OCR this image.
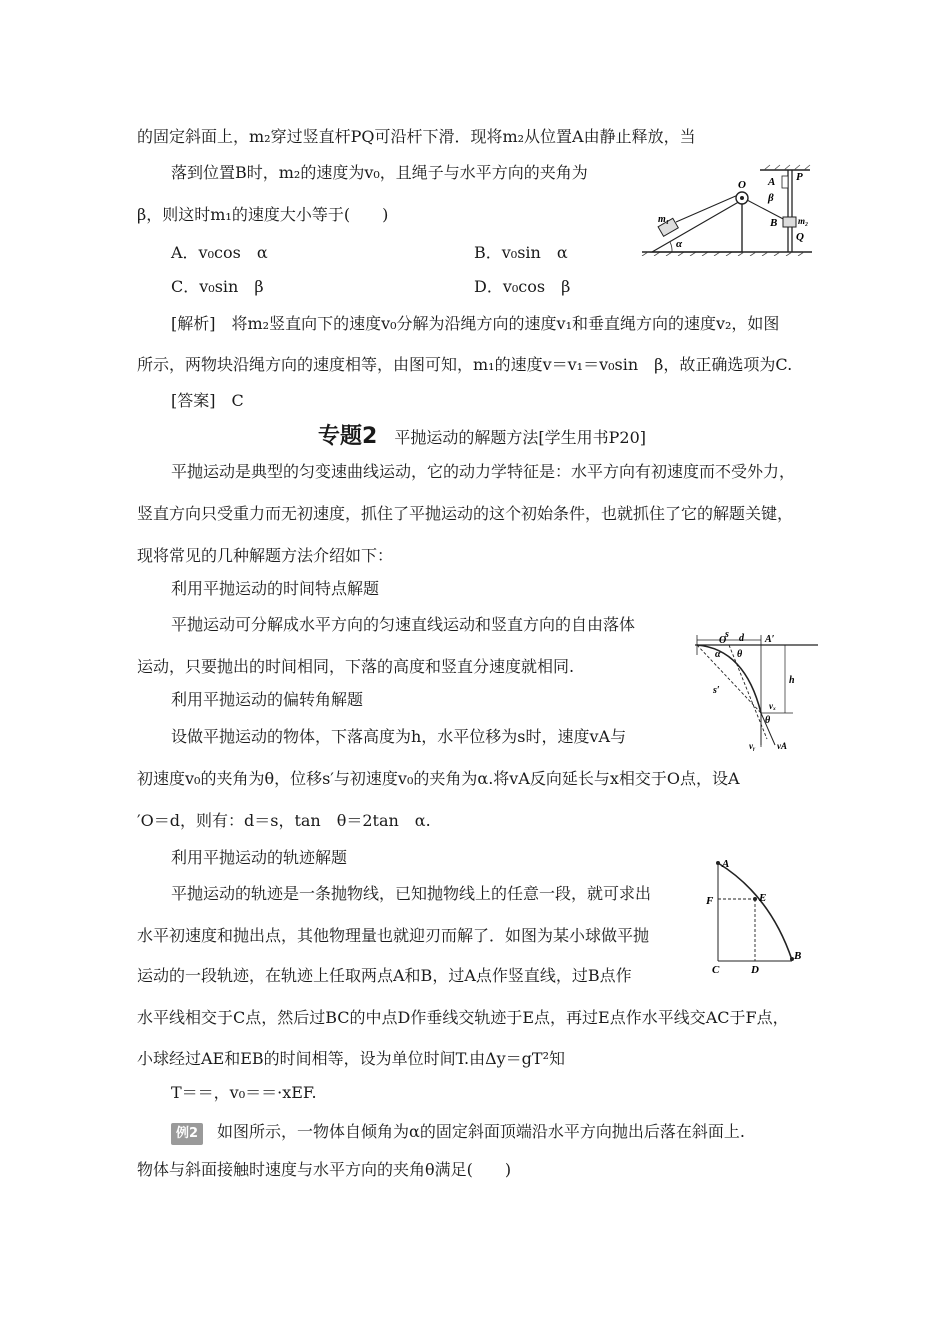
的固定斜面上，m₂穿过竖直杆PQ可沿杆下滑．现将m₂从位置A由静止释放，当
落到位置B时，m₂的速度为v₀，且绳子与水平方向的夹角为
β，则这时m₁的速度大小等于(　　)
A．v₀cos　α	B．v₀sin　α
C．v₀sin　β	D．v₀cos　β
[解析]　将m₂竖直向下的速度v₀分解为沿绳方向的速度v₁和垂直绳方向的速度v₂，如图
所示，两物块沿绳方向的速度相等，由图可知，m₁的速度v＝v₁＝v₀sin　β，故正确选项为C.
[答案]　C
O A
β
B
P
Q
m₂
m₁
α
专题2 平抛运动的解题方法[学生用书P20]
平抛运动是典型的匀变速曲线运动，它的动力学特征是：水平方向有初速度而不受外力，
竖直方向只受重力而无初速度，抓住了平抛运动的这个初始条件，也就抓住了它的解题关键，
现将常见的几种解题方法介绍如下：
利用平抛运动的时间特点解题
平抛运动可分解成水平方向的匀速直线运动和竖直方向的自由落体
运动，只要抛出的时间相同，下落的高度和竖直分速度就相同.
利用平抛运动的偏转角解题
设做平抛运动的物体，下落高度为h，水平位移为s时，速度vA与
初速度v₀的夹角为θ，位移s′与初速度v₀的夹角为α.将vA反向延长与x相交于O点，设A
′O＝d，则有：d＝s，tan　θ＝2tan　α.
s d
O	A′
α θ
s′
h
vₓ
θ
vᵧ vA
利用平抛运动的轨迹解题
平抛运动的轨迹是一条抛物线，已知抛物线上的任意一段，就可求出
水平初速度和抛出点，其他物理量也就迎刃而解了．如图为某小球做平抛
运动的一段轨迹，在轨迹上任取两点A和B，过A点作竖直线，过B点作
水平线相交于C点，然后过BC的中点D作垂线交轨迹于E点，再过E点作水平线交AC于F点，
小球经过AE和EB的时间相等，设为单位时间T.由Δy＝gT²知
T＝＝，v₀＝＝·xEF.
A
E
F
B
C	D
例2 如图所示，一物体自倾角为α的固定斜面顶端沿水平方向抛出后落在斜面上.
物体与斜面接触时速度与水平方向的夹角θ满足(　　)
